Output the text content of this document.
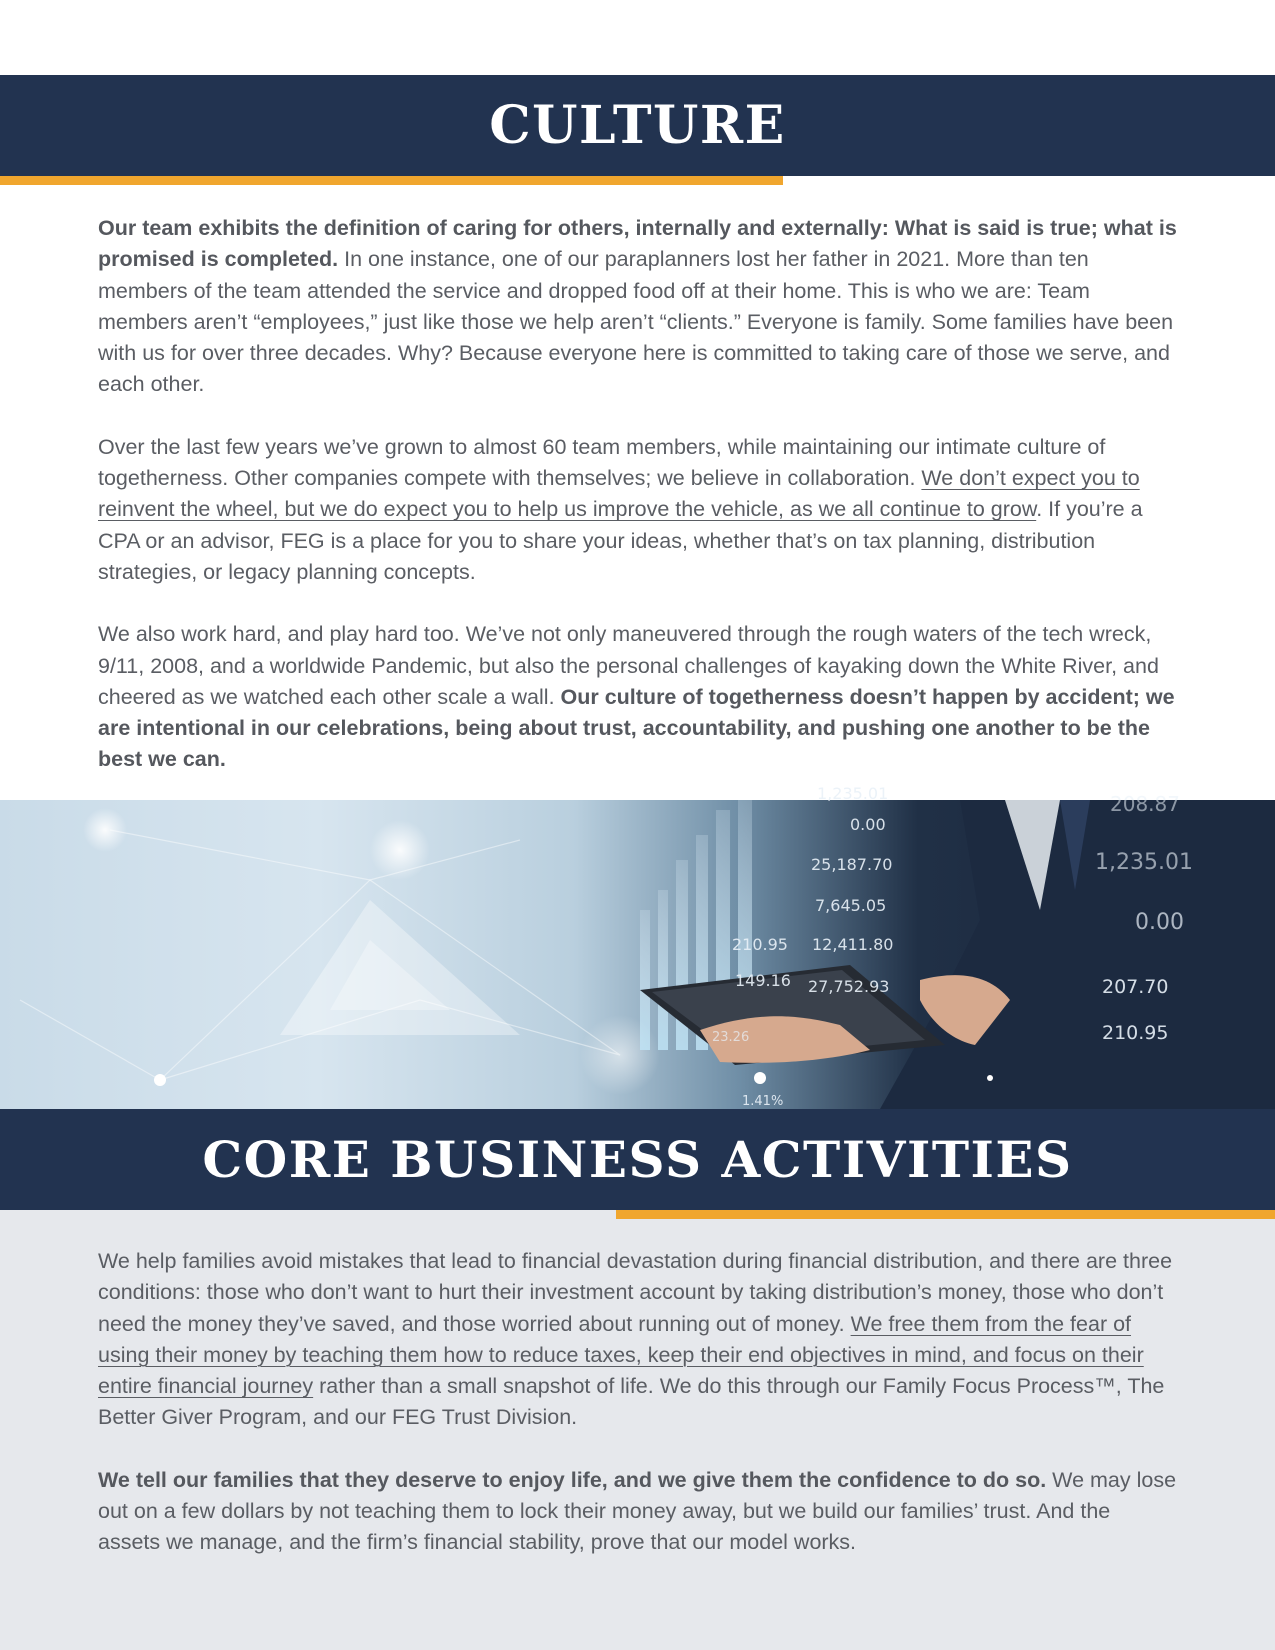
CULTURE

Our team exhibits the definition of caring for others, internally and externally: What is said is true; what is promised is completed. In one instance, one of our paraplanners lost her father in 2021. More than ten members of the team attended the service and dropped food off at their home. This is who we are: Team members aren’t “employees,” just like those we help aren’t “clients.” Everyone is family. Some families have been with us for over three decades. Why? Because everyone here is committed to taking care of those we serve, and each other.

Over the last few years we’ve grown to almost 60 team members, while maintaining our intimate culture of togetherness. Other companies compete with themselves; we believe in collaboration. We don’t expect you to reinvent the wheel, but we do expect you to help us improve the vehicle, as we all continue to grow. If you’re a CPA or an advisor, FEG is a place for you to share your ideas, whether that’s on tax planning, distribution strategies, or legacy planning concepts.

We also work hard, and play hard too. We’ve not only maneuvered through the rough waters of the tech wreck, 9/11, 2008, and a worldwide Pandemic, but also the personal challenges of kayaking down the White River, and cheered as we watched each other scale a wall. Our culture of togetherness doesn’t happen by accident; we are intentional in our celebrations, being about trust, accountability, and pushing one another to be the best we can.

1,235.01
0.00
25,187.70
7,645.05
12,411.80
27,752.93
210.95
149.16
208.87
1,235.01
0.00
207.70
210.95
23.26
1.41%
CORE BUSINESS ACTIVITIES

We help families avoid mistakes that lead to financial devastation during financial distribution, and there are three conditions: those who don’t want to hurt their investment account by taking distribution’s money, those who don’t need the money they’ve saved, and those worried about running out of money. We free them from the fear of using their money by teaching them how to reduce taxes, keep their end objectives in mind, and focus on their entire financial journey rather than a small snapshot of life. We do this through our Family Focus Process™, The Better Giver Program, and our FEG Trust Division.

We tell our families that they deserve to enjoy life, and we give them the confidence to do so. We may lose out on a few dollars by not teaching them to lock their money away, but we build our families’ trust. And the assets we manage, and the firm’s financial stability, prove that our model works.
